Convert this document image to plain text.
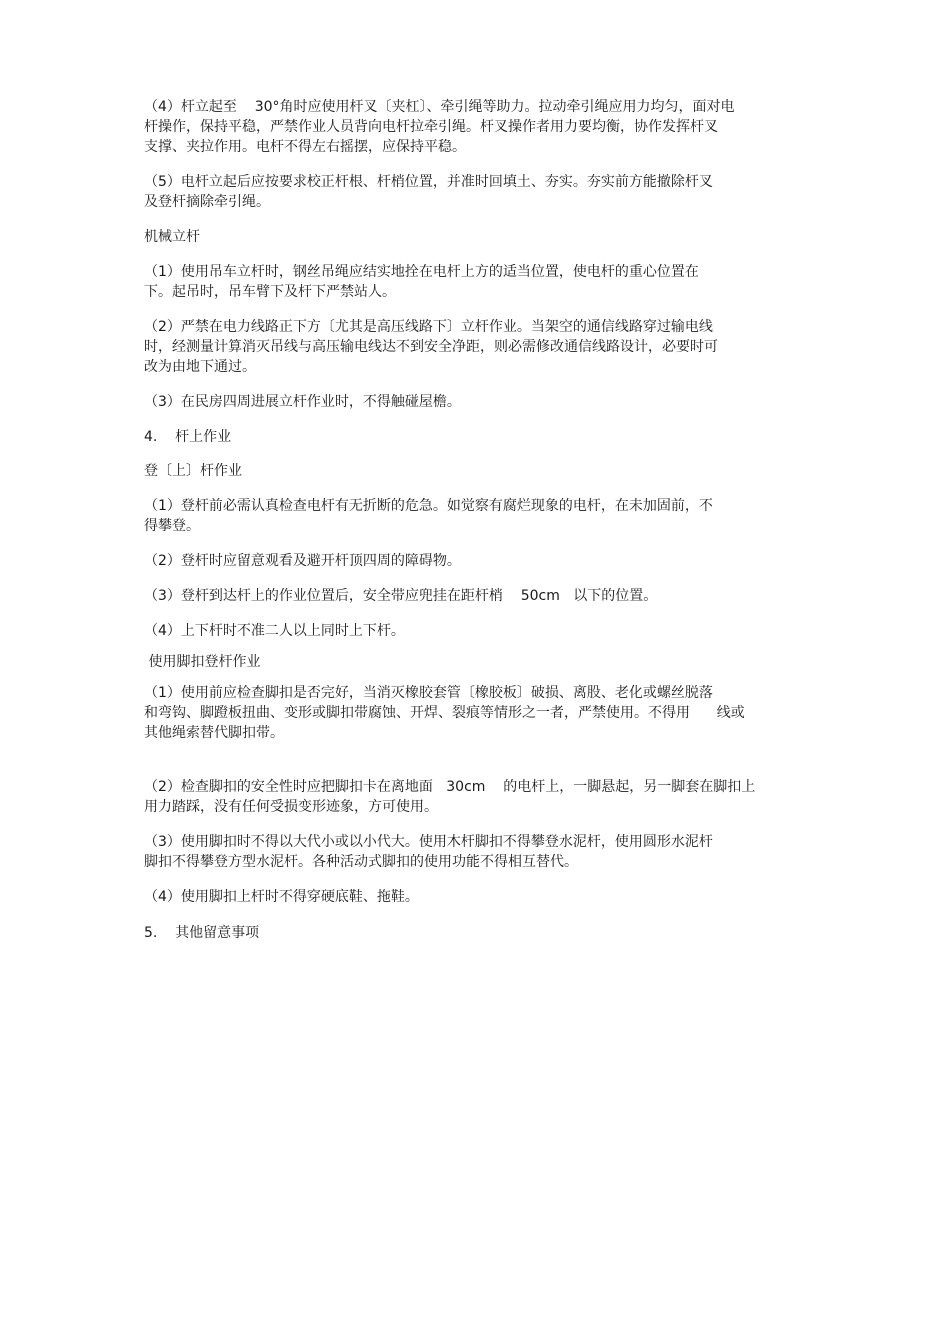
（4）杆立起至    30°角时应使用杆叉〔夹杠〕、牵引绳等助力。拉动牵引绳应用力均匀，面对电
杆操作，保持平稳，严禁作业人员背向电杆拉牵引绳。杆叉操作者用力要均衡，协作发挥杆叉
支撑、夹拉作用。电杆不得左右摇摆，应保持平稳。
（5）电杆立起后应按要求校正杆根、杆梢位置，并准时回填土、夯实。夯实前方能撤除杆叉
及登杆摘除牵引绳。
机械立杆
（1）使用吊车立杆时，钢丝吊绳应结实地拴在电杆上方的适当位置，使电杆的重心位置在
下。起吊时，吊车臂下及杆下严禁站人。
（2）严禁在电力线路正下方〔尤其是高压线路下〕立杆作业。当架空的通信线路穿过输电线
时，经测量计算消灭吊线与高压输电线达不到安全净距，则必需修改通信线路设计，必要时可
改为由地下通过。
（3）在民房四周进展立杆作业时，不得触碰屋檐。
4.    杆上作业
登〔上〕杆作业
（1）登杆前必需认真检查电杆有无折断的危急。如觉察有腐烂现象的电杆，在未加固前，不
得攀登。
（2）登杆时应留意观看及避开杆顶四周的障碍物。
（3）登杆到达杆上的作业位置后，安全带应兜挂在距杆梢    50cm   以下的位置。
（4）上下杆时不准二人以上同时上下杆。
使用脚扣登杆作业
（1）使用前应检查脚扣是否完好，当消灭橡胶套管〔橡胶板〕破损、离股、老化或螺丝脱落
和弯钩、脚蹬板扭曲、变形或脚扣带腐蚀、开焊、裂痕等情形之一者，严禁使用。不得用      线或
其他绳索替代脚扣带。
（2）检查脚扣的安全性时应把脚扣卡在离地面   30cm    的电杆上，一脚悬起，另一脚套在脚扣上
用力踏踩，没有任何受损变形迹象，方可使用。
（3）使用脚扣时不得以大代小或以小代大。使用木杆脚扣不得攀登水泥杆，使用圆形水泥杆
脚扣不得攀登方型水泥杆。各种活动式脚扣的使用功能不得相互替代。
（4）使用脚扣上杆时不得穿硬底鞋、拖鞋。
5.    其他留意事项
